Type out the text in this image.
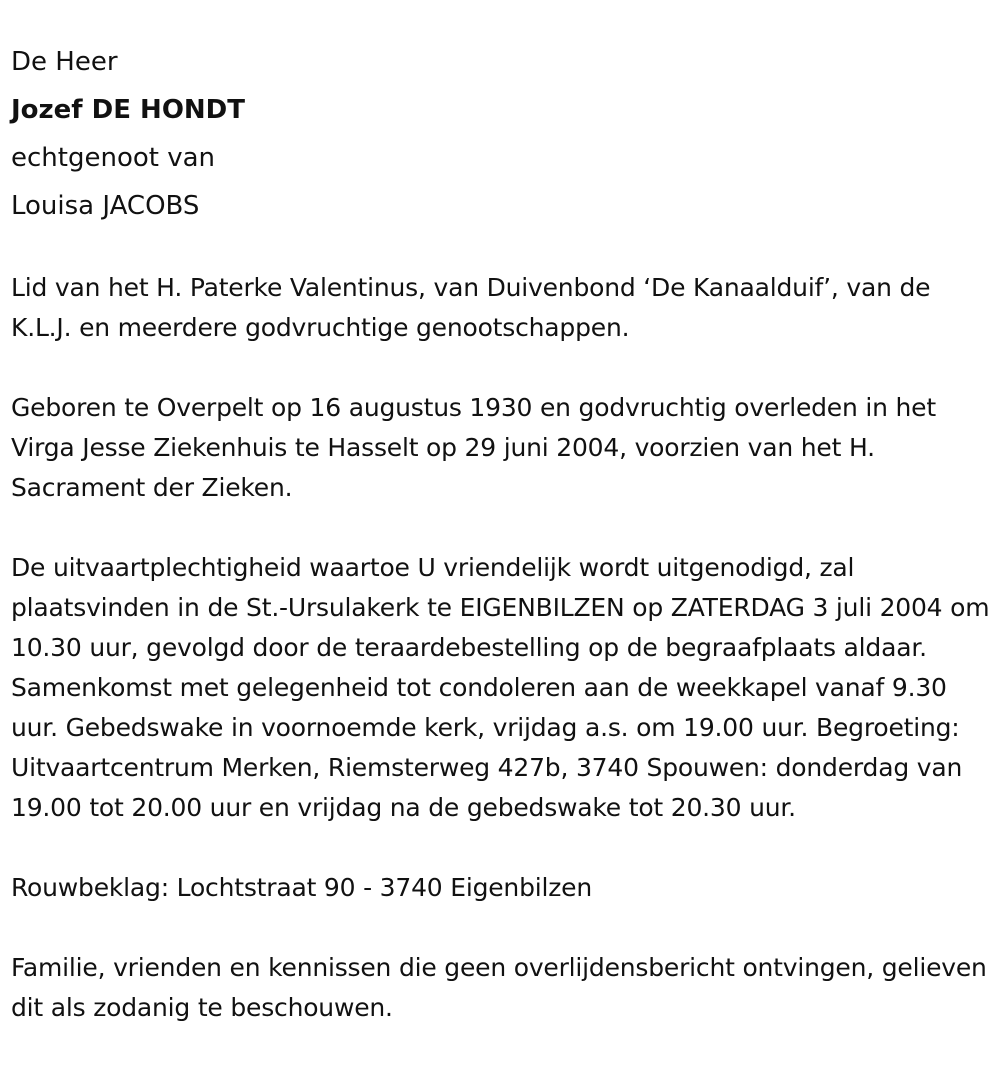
De Heer

Jozef DE HONDT

echtgenoot van

Louisa JACOBS

Lid van het H. Paterke Valentinus, van Duivenbond ‘De Kanaalduif’, van de K.L.J. en meerdere godvruchtige genootschappen.

Geboren te Overpelt op 16 augustus 1930 en godvruchtig overleden in het Virga Jesse Ziekenhuis te Hasselt op 29 juni 2004, voorzien van het H. Sacrament der Zieken.

De uitvaartplechtigheid waartoe U vriendelijk wordt uitgenodigd, zal plaatsvinden in de St.-Ursulakerk te EIGENBILZEN op ZATERDAG 3 juli 2004 om 10.30 uur, gevolgd door de teraardebestelling op de begraafplaats aldaar. Samenkomst met gelegenheid tot condoleren aan de weekkapel vanaf 9.30 uur. Gebedswake in voornoemde kerk, vrijdag a.s. om 19.00 uur. Begroeting: Uitvaartcentrum Merken, Riemsterweg 427b, 3740 Spouwen: donderdag van 19.00 tot 20.00 uur en vrijdag na de gebedswake tot 20.30 uur.

Rouwbeklag: Lochtstraat 90 - 3740 Eigenbilzen

Familie, vrienden en kennissen die geen overlijdensbericht ontvingen, gelieven dit als zodanig te beschouwen.
